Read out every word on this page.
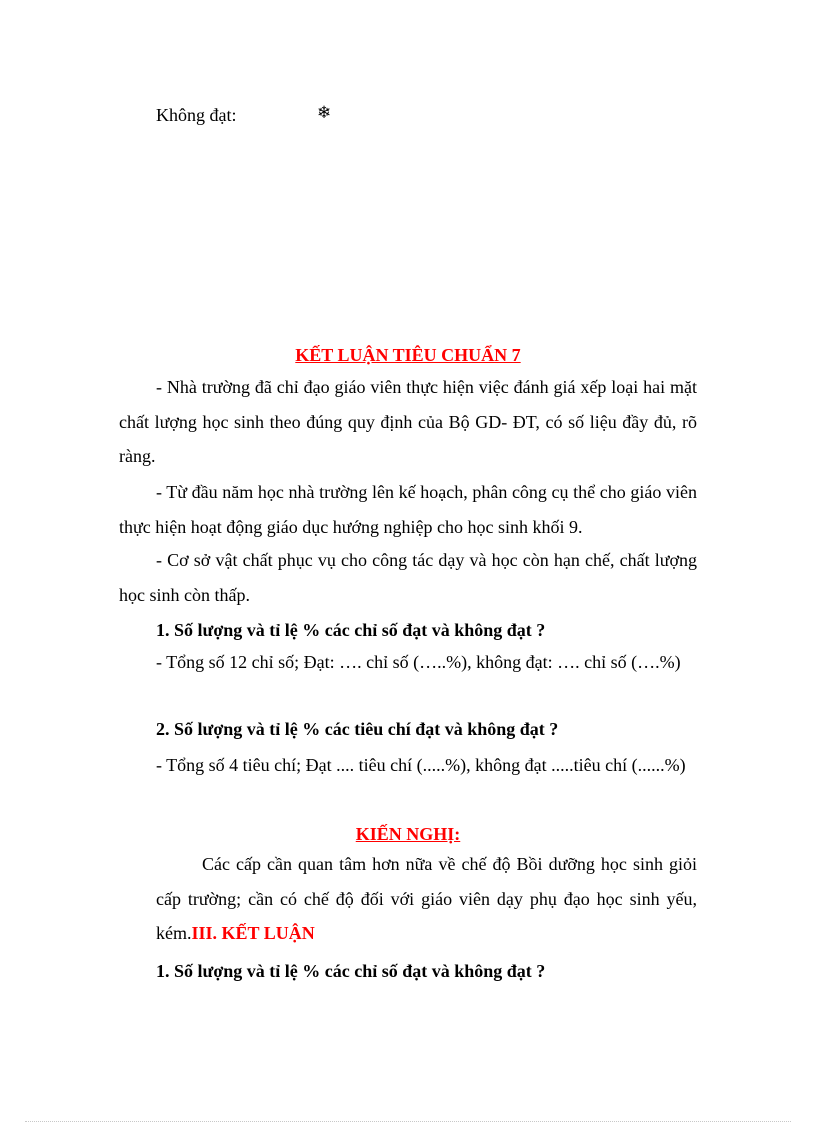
Không đạt:	❄
KẾT LUẬN TIÊU CHUẨN 7
- Nhà trường đã chỉ đạo giáo viên thực hiện việc đánh giá xếp loại hai mặt chất lượng học sinh theo đúng quy định của Bộ GD- ĐT, có số liệu đầy đủ, rõ ràng.
- Từ đầu năm học nhà trường lên kế hoạch, phân công cụ thể cho giáo viên thực hiện hoạt động giáo dục hướng nghiệp cho học sinh khối 9.
- Cơ sở vật chất phục vụ cho công tác dạy và học còn hạn chế, chất lượng học sinh còn thấp.
1. Số lượng và tỉ lệ % các chỉ số đạt và không đạt ?
- Tổng số 12 chỉ số; Đạt: …. chỉ số (…..%), không đạt: …. chỉ số (….%)
2. Số lượng và tỉ lệ % các tiêu chí đạt và không đạt ?
- Tổng số 4 tiêu chí; Đạt .... tiêu chí (.....%), không đạt .....tiêu chí (......%)
KIẾN NGHỊ:
Các cấp cần quan tâm hơn nữa về chế độ Bồi dưỡng học sinh giỏi cấp trường; cần có chế độ đối với giáo viên dạy phụ đạo học sinh yếu, kém.III. KẾT LUẬN
1. Số lượng và tỉ lệ % các chỉ số đạt và không đạt ?
